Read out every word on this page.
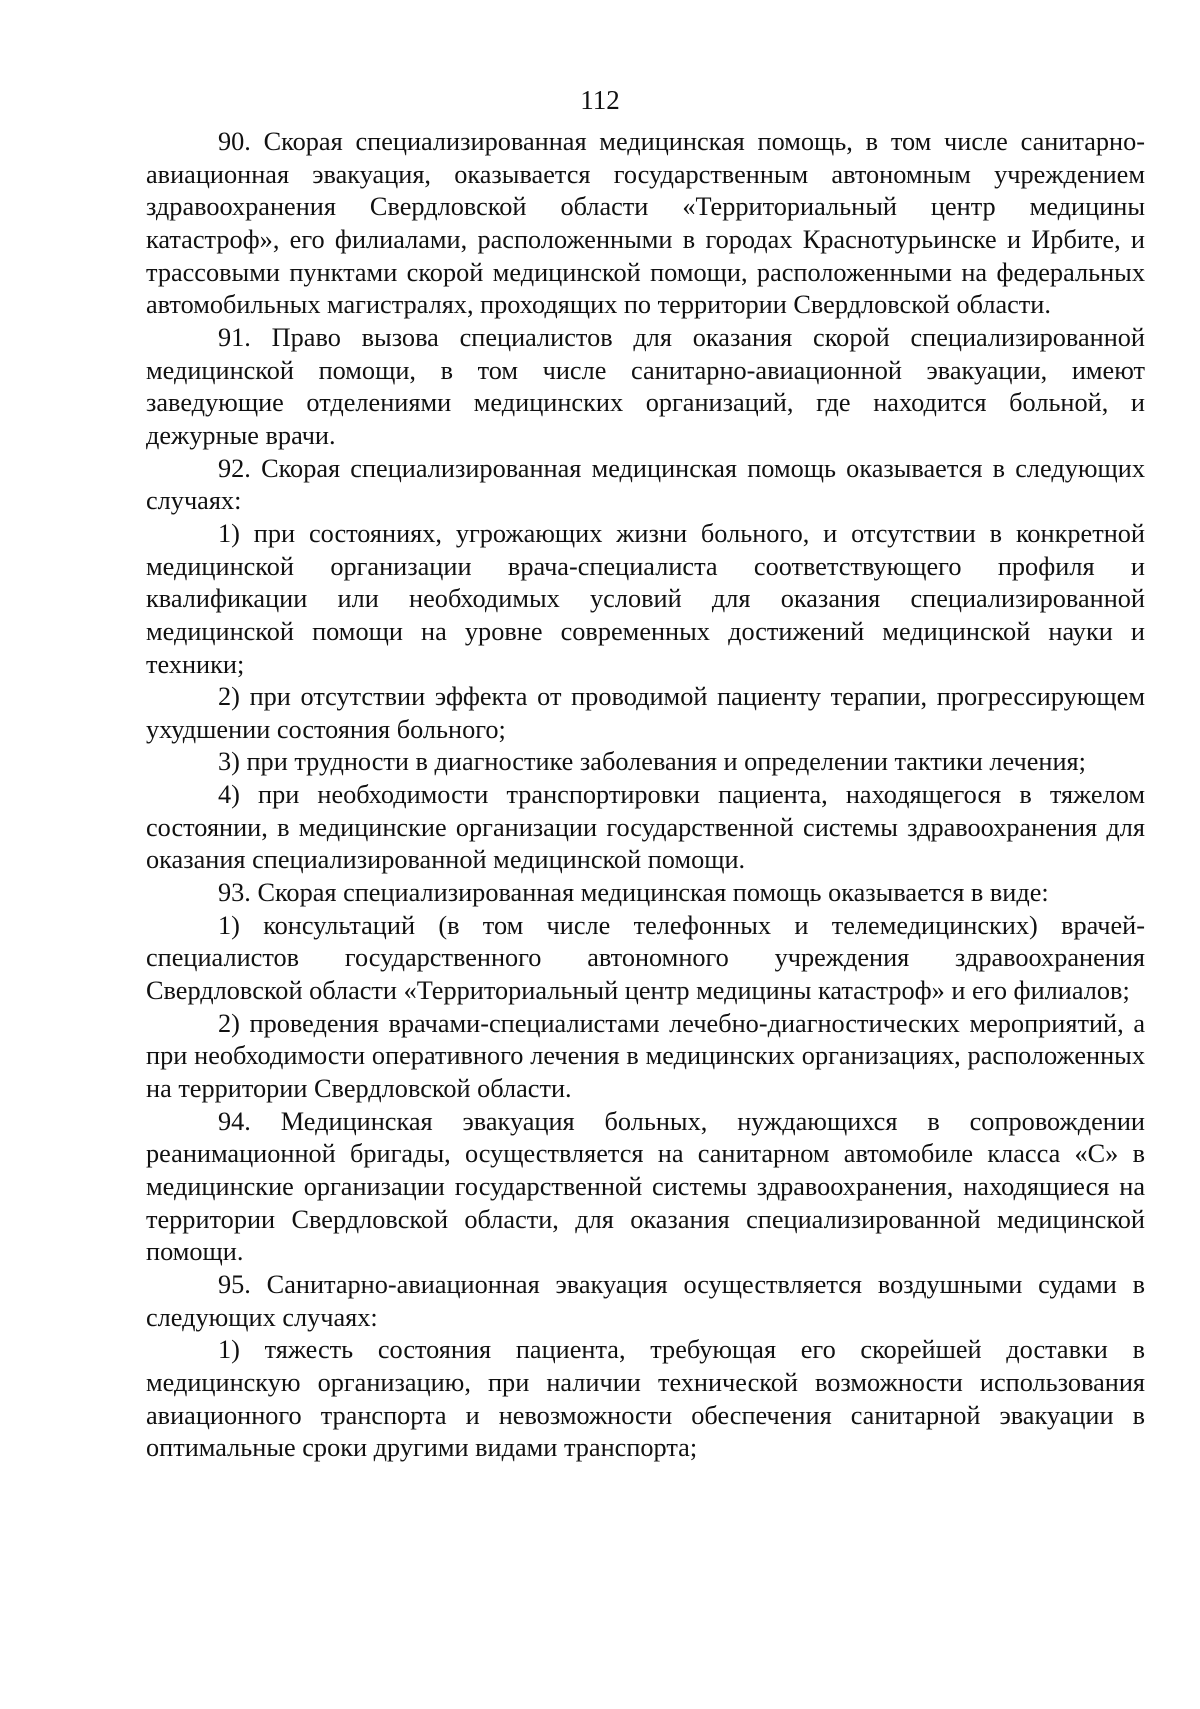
112

90. Скорая специализированная медицинская помощь, в том числе санитарно-авиационная эвакуация, оказывается государственным автономным учреждением здравоохранения Свердловской области «Территориальный центр медицины катастроф», его филиалами, расположенными в городах Краснотурьинске и Ирбите, и трассовыми пунктами скорой медицинской помощи, расположенными на федеральных автомобильных магистралях, проходящих по территории Свердловской области.

91. Право вызова специалистов для оказания скорой специализированной медицинской помощи, в том числе санитарно-авиационной эвакуации, имеют заведующие отделениями медицинских организаций, где находится больной, и дежурные врачи.

92. Скорая специализированная медицинская помощь оказывается в следующих случаях:

1) при состояниях, угрожающих жизни больного, и отсутствии в конкретной медицинской организации врача-специалиста соответствующего профиля и квалификации или необходимых условий для оказания специализированной медицинской помощи на уровне современных достижений медицинской науки и техники;

2) при отсутствии эффекта от проводимой пациенту терапии, прогрессирующем ухудшении состояния больного;

3) при трудности в диагностике заболевания и определении тактики лечения;

4) при необходимости транспортировки пациента, находящегося в тяжелом состоянии, в медицинские организации государственной системы здравоохранения для оказания специализированной медицинской помощи.

93. Скорая специализированная медицинская помощь оказывается в виде:

1) консультаций (в том числе телефонных и телемедицинских) врачей-специалистов государственного автономного учреждения здравоохранения Свердловской области «Территориальный центр медицины катастроф» и его филиалов;

2) проведения врачами-специалистами лечебно-диагностических мероприятий, а при необходимости оперативного лечения в медицинских организациях, расположенных на территории Свердловской области.

94. Медицинская эвакуация больных, нуждающихся в сопровождении реанимационной бригады, осуществляется на санитарном автомобиле класса «С» в медицинские организации государственной системы здравоохранения, находящиеся на территории Свердловской области, для оказания специализированной медицинской помощи.

95. Санитарно-авиационная эвакуация осуществляется воздушными судами в следующих случаях:

1) тяжесть состояния пациента, требующая его скорейшей доставки в медицинскую организацию, при наличии технической возможности использования авиационного транспорта и невозможности обеспечения санитарной эвакуации в оптимальные сроки другими видами транспорта;
